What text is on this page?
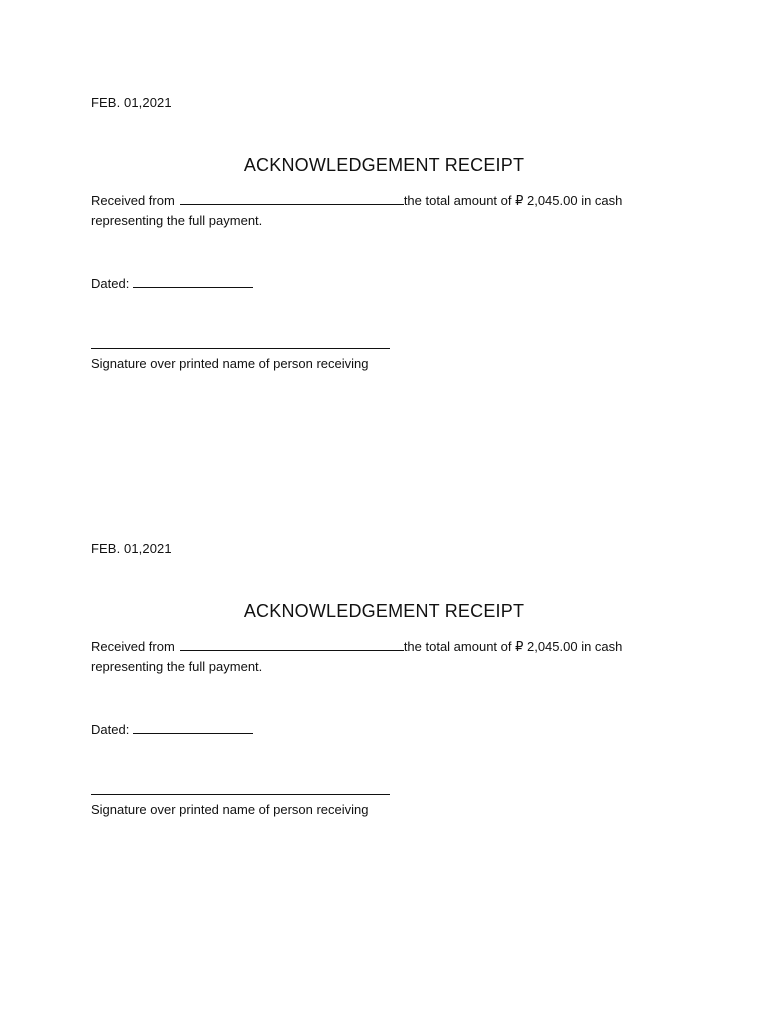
FEB. 01,2021
ACKNOWLEDGEMENT RECEIPT
Received from	the total amount of ₽ 2,045.00 in cash
representing the full payment.
Dated:
Signature over printed name of person receiving
FEB. 01,2021
ACKNOWLEDGEMENT RECEIPT
Received from	the total amount of ₽ 2,045.00 in cash
representing the full payment.
Dated:
Signature over printed name of person receiving
